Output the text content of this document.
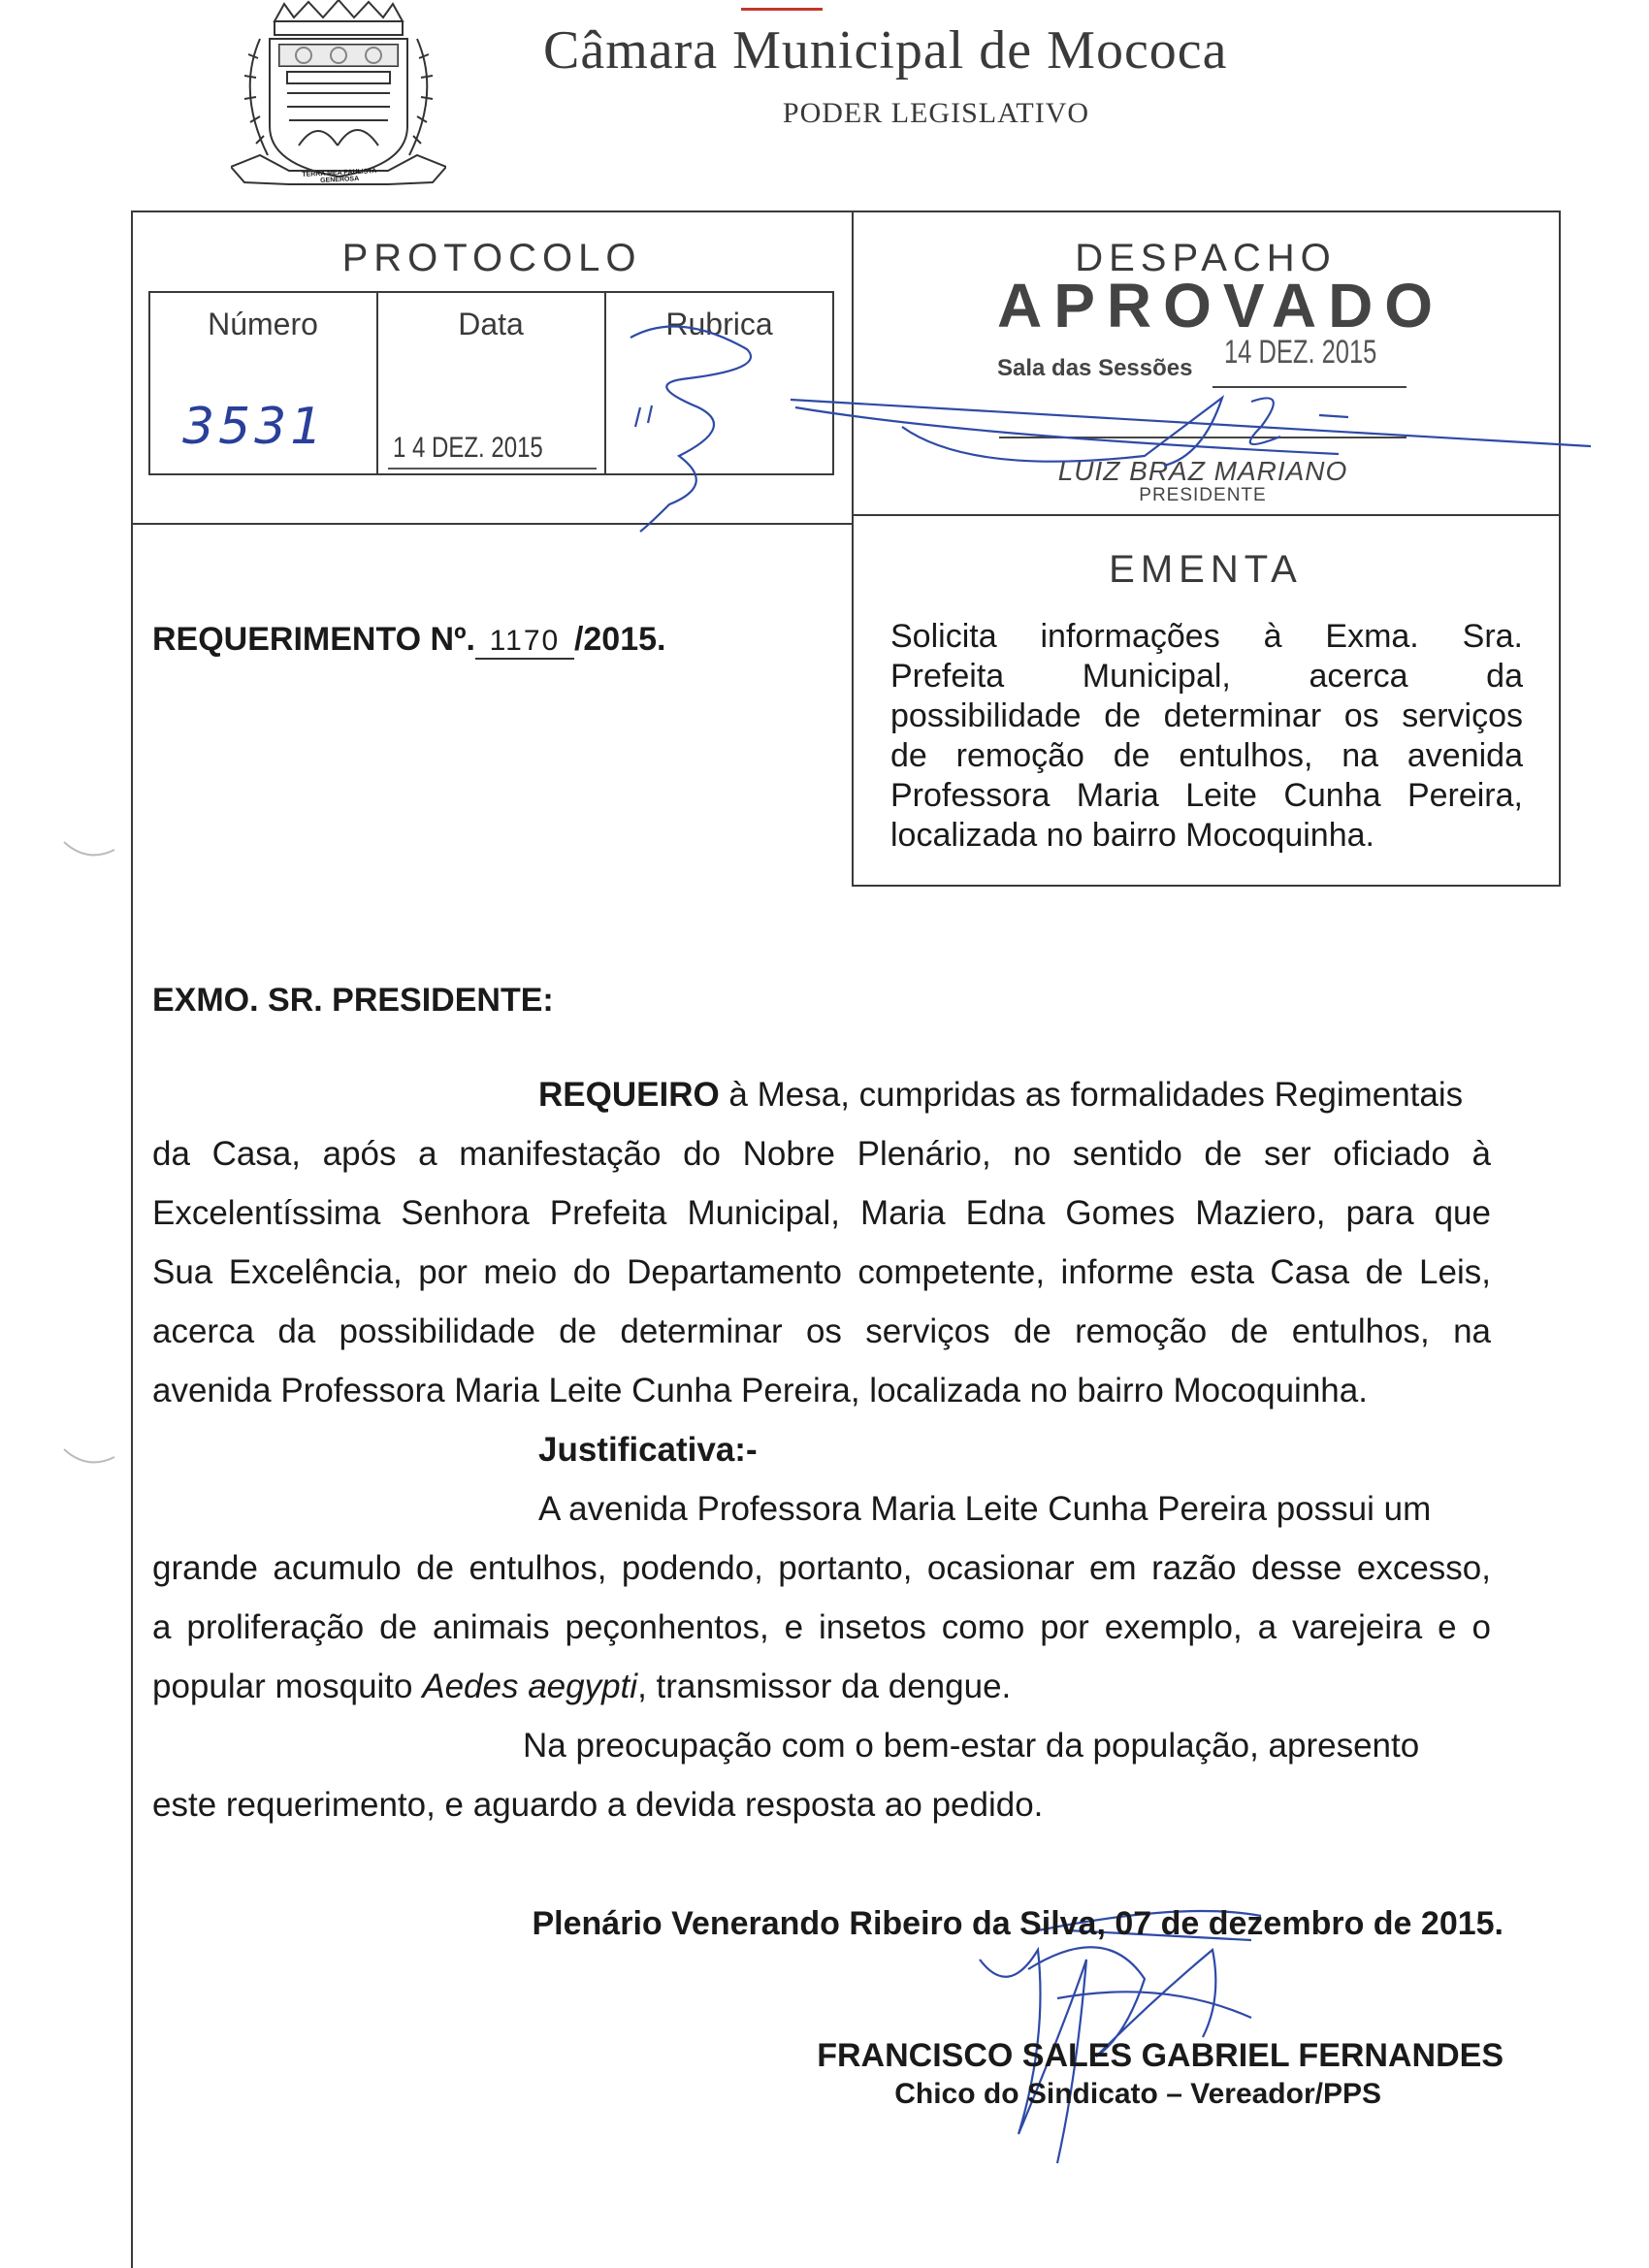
TERRA MEA PAULISTA GENEROSA
Câmara Municipal de Mococa
PODER LEGISLATIVO
PROTOCOLO
Número	Data	Rubrica
3531 1 4 DEZ. 2015
DESPACHO
APROVADO
Sala das Sessões 14 DEZ. 2015
LUIZ BRAZ MARIANO
PRESIDENTE
REQUERIMENTO Nº. 1170 /2015.
EMENTA
Solicita informações à Exma. Sra.
Prefeita Municipal, acerca da
possibilidade de determinar os serviços
de remoção de entulhos, na avenida
Professora Maria Leite Cunha Pereira,
localizada no bairro Mocoquinha.
EXMO. SR. PRESIDENTE:
REQUEIRO à Mesa, cumpridas as formalidades Regimentais
da Casa, após a manifestação do Nobre Plenário, no sentido de ser oficiado à
Excelentíssima Senhora Prefeita Municipal, Maria Edna Gomes Maziero, para que
Sua Excelência, por meio do Departamento competente, informe esta Casa de Leis,
acerca da possibilidade de determinar os serviços de remoção de entulhos, na
avenida Professora Maria Leite Cunha Pereira, localizada no bairro Mocoquinha.
Justificativa:-
A avenida Professora Maria Leite Cunha Pereira possui um
grande acumulo de entulhos, podendo, portanto, ocasionar em razão desse excesso,
a proliferação de animais peçonhentos, e insetos como por exemplo, a varejeira e o
popular mosquito Aedes aegypti, transmissor da dengue.
Na preocupação com o bem-estar da população, apresento
este requerimento, e aguardo a devida resposta ao pedido.
Plenário Venerando Ribeiro da Silva, 07 de dezembro de 2015.
FRANCISCO SALES GABRIEL FERNANDES
Chico do Sindicato – Vereador/PPS
